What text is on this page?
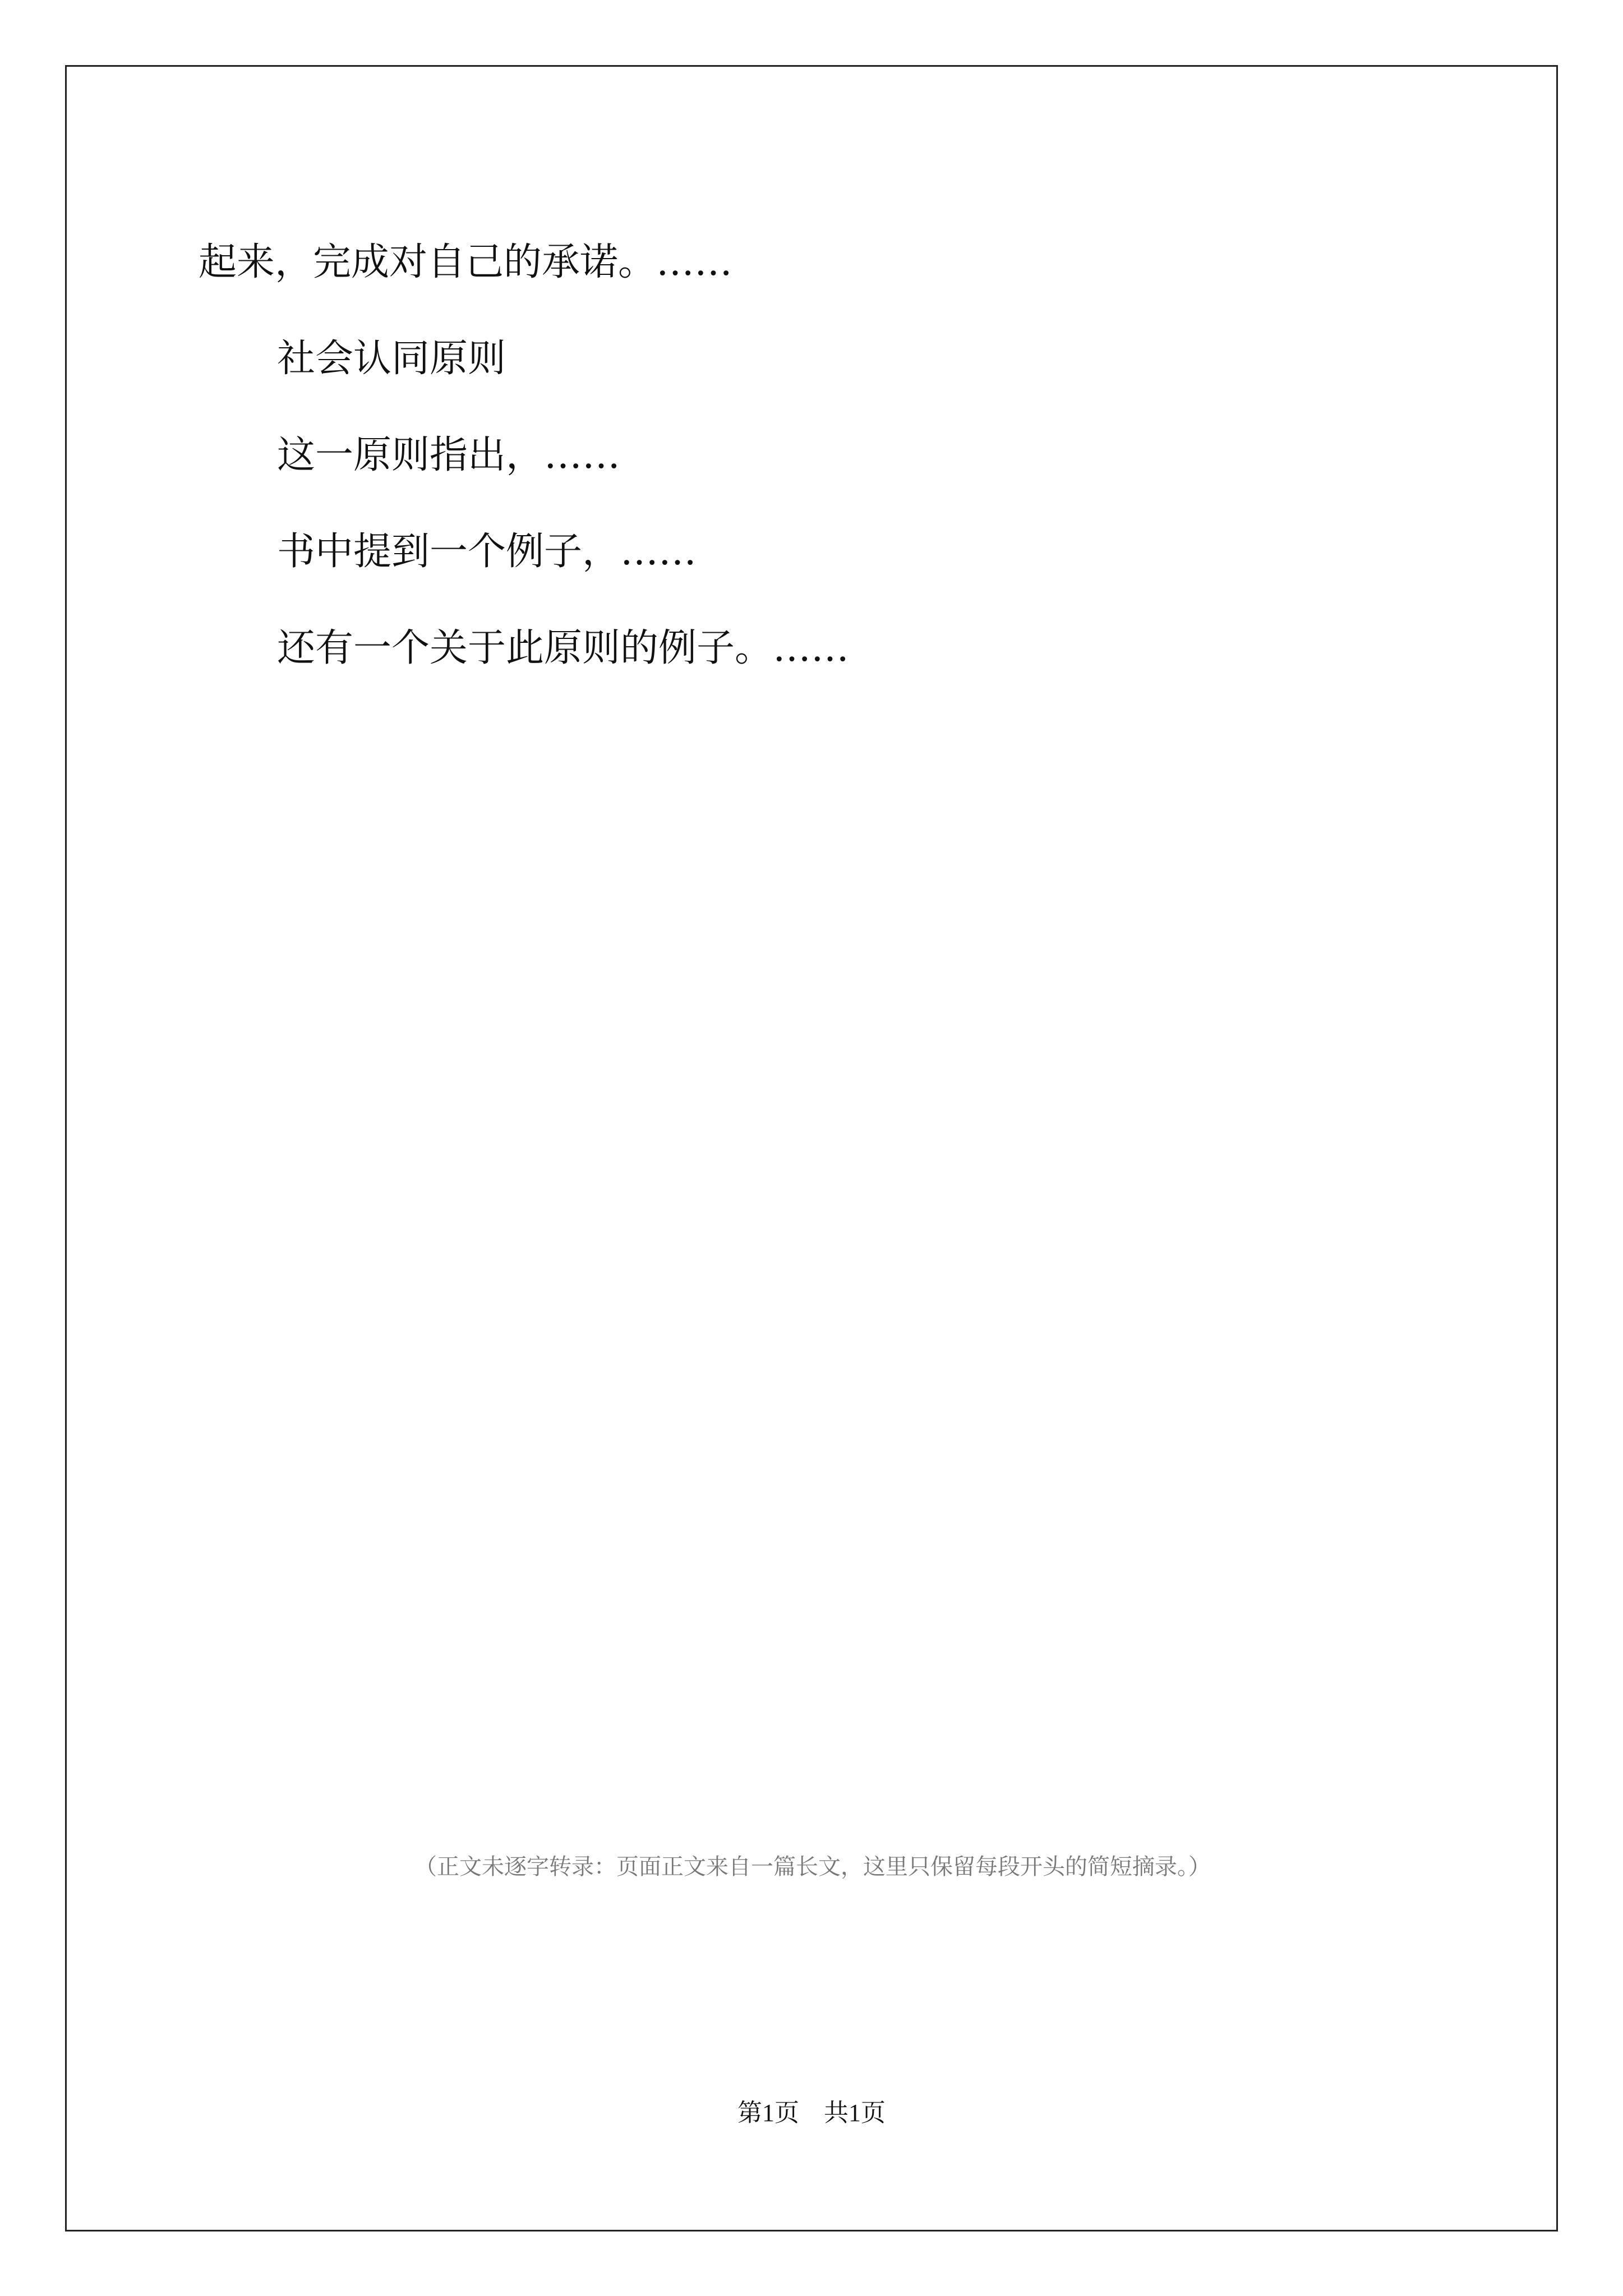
起来，完成对自己的承诺。……

社会认同原则

这一原则指出，……

书中提到一个例子，……

还有一个关于此原则的例子。……

（正文未逐字转录：页面正文来自一篇长文，这里只保留每段开头的简短摘录。）
第1页　共1页
